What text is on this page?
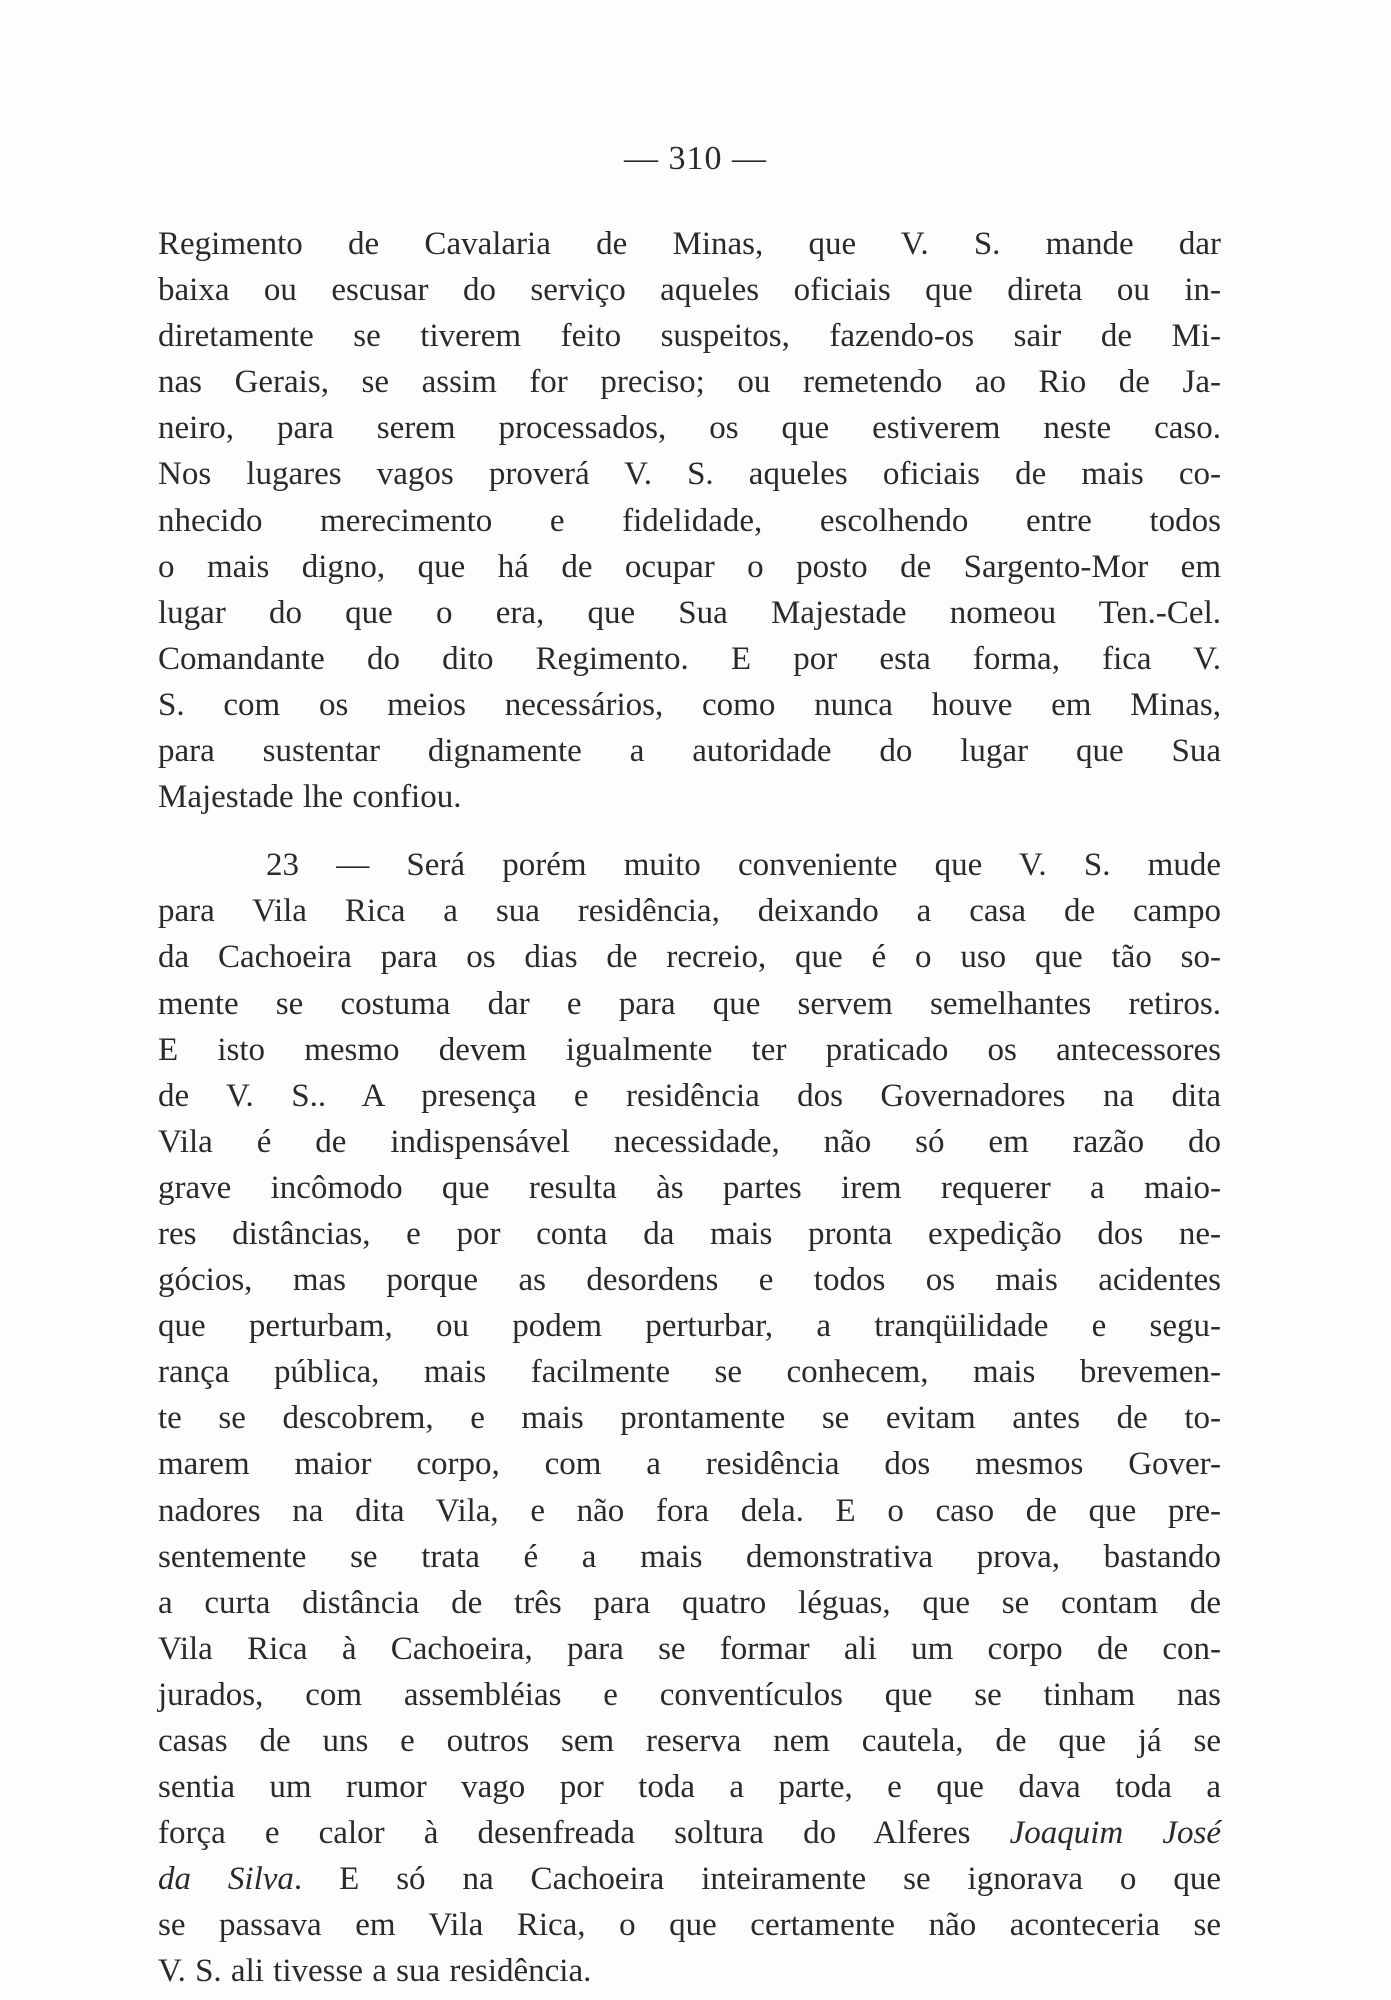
— 310 —
Regimento de Cavalaria de Minas, que V. S. mande dar
baixa ou escusar do serviço aqueles oficiais que direta ou in-
diretamente se tiverem feito suspeitos, fazendo-os sair de Mi-
nas Gerais, se assim for preciso; ou remetendo ao Rio de Ja-
neiro, para serem processados, os que estiverem neste caso.
Nos lugares vagos proverá V. S. aqueles oficiais de mais co-
nhecido merecimento e fidelidade, escolhendo entre todos
o mais digno, que há de ocupar o posto de Sargento-Mor em
lugar do que o era, que Sua Majestade nomeou Ten.-Cel.
Comandante do dito Regimento. E por esta forma, fica V.
S. com os meios necessários, como nunca houve em Minas,
para sustentar dignamente a autoridade do lugar que Sua
Majestade lhe confiou.
23 — Será porém muito conveniente que V. S. mude
para Vila Rica a sua residência, deixando a casa de campo
da Cachoeira para os dias de recreio, que é o uso que tão so-
mente se costuma dar e para que servem semelhantes retiros.
E isto mesmo devem igualmente ter praticado os antecessores
de V. S.. A presença e residência dos Governadores na dita
Vila é de indispensável necessidade, não só em razão do
grave incômodo que resulta às partes irem requerer a maio-
res distâncias, e por conta da mais pronta expedição dos ne-
gócios, mas porque as desordens e todos os mais acidentes
que perturbam, ou podem perturbar, a tranqüilidade e segu-
rança pública, mais facilmente se conhecem, mais brevemen-
te se descobrem, e mais prontamente se evitam antes de to-
marem maior corpo, com a residência dos mesmos Gover-
nadores na dita Vila, e não fora dela. E o caso de que pre-
sentemente se trata é a mais demonstrativa prova, bastando
a curta distância de três para quatro léguas, que se contam de
Vila Rica à Cachoeira, para se formar ali um corpo de con-
jurados, com assembléias e conventículos que se tinham nas
casas de uns e outros sem reserva nem cautela, de que já se
sentia um rumor vago por toda a parte, e que dava toda a
força e calor à desenfreada soltura do Alferes Joaquim José
da Silva. E só na Cachoeira inteiramente se ignorava o que
se passava em Vila Rica, o que certamente não aconteceria se
V. S. ali tivesse a sua residência.
